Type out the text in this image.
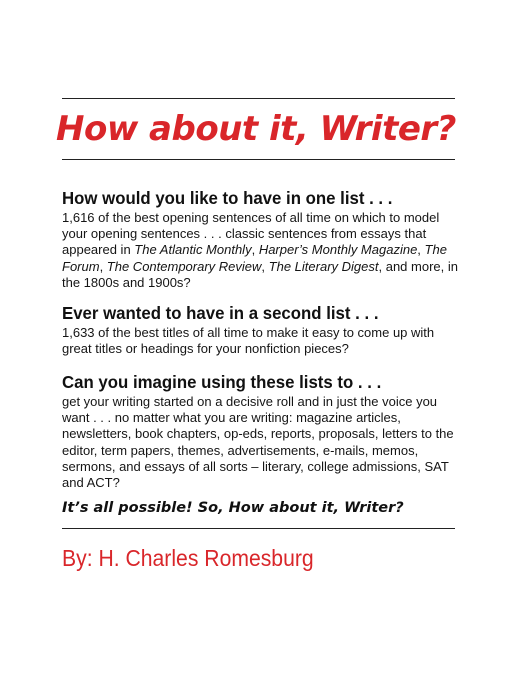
How about it, Writer?
How would you like to have in one list . . .

1,616 of the best opening sentences of all time on which to model your opening sentences . . . classic sentences from essays that appeared in The Atlantic Monthly, Harper’s Monthly Magazine, The Forum, The Contemporary Review, The Literary Digest, and more, in the 1800s and 1900s?

Ever wanted to have in a second list . . .

1,633 of the best titles of all time to make it easy to come up with great titles or headings for your nonfiction pieces?

Can you imagine using these lists to . . .

get your writing started on a decisive roll and in just the voice you want . . . no matter what you are writing: magazine articles, newsletters, book chapters, op-eds, reports, proposals, letters to the editor, term papers, themes, advertisements, e-mails, memos, sermons, and essays of all sorts – literary, college admissions, SAT and ACT?

It’s all possible! So, How about it, Writer?

By: H. Charles Romesburg
